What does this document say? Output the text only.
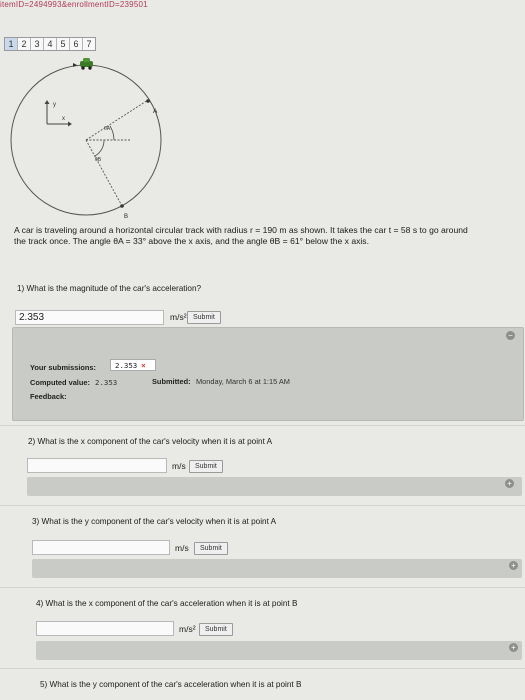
itemID=2494993&enrollmentID=239501
1 2 3 4 5 6 7
y
x
θA
θB
A
B
A car is traveling around a horizontal circular track with radius r = 190 m as shown. It takes the car t = 58 s to go around
the track once. The angle θA = 33° above the x axis, and the angle θB = 61° below the x axis.
1) What is the magnitude of the car's acceleration?
2.353
m/s² Submit
−
Your submissions:	2.353 ×
Computed value: 2.353	Submitted: Monday, March 6 at 1:15 AM
Feedback:
2) What is the x component of the car's velocity when it is at point A
m/s	Submit
+
3) What is the y component of the car's velocity when it is at point A
m/s	Submit
+
4) What is the x component of the car's acceleration when it is at point B
m/s²	Submit
+
5) What is the y component of the car's acceleration when it is at point B
